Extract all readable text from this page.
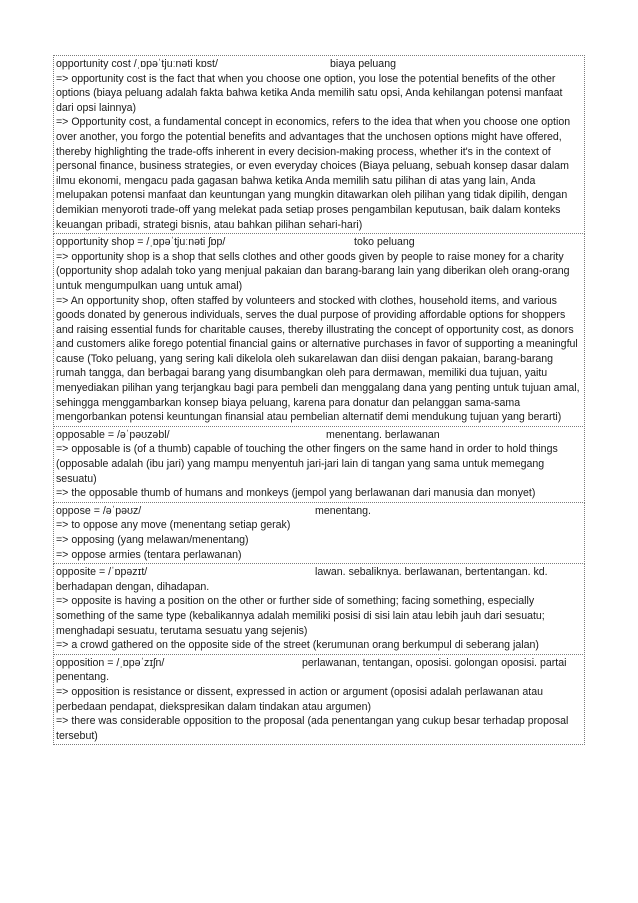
opportunity cost /ˌɒpəˈtjuːnəti kɒst/	biaya peluang

=> opportunity cost is the fact that when you choose one option, you lose the potential benefits of the other options (biaya peluang adalah fakta bahwa ketika Anda memilih satu opsi, Anda kehilangan potensi manfaat dari opsi lainnya)

=> Opportunity cost, a fundamental concept in economics, refers to the idea that when you choose one option over another, you forgo the potential benefits and advantages that the unchosen options might have offered, thereby highlighting the trade-offs inherent in every decision-making process, whether it's in the context of personal finance, business strategies, or even everyday choices (Biaya peluang, sebuah konsep dasar dalam ilmu ekonomi, mengacu pada gagasan bahwa ketika Anda memilih satu pilihan di atas yang lain, Anda melupakan potensi manfaat dan keuntungan yang mungkin ditawarkan oleh pilihan yang tidak dipilih, dengan demikian menyoroti trade-off yang melekat pada setiap proses pengambilan keputusan, baik dalam konteks keuangan pribadi, strategi bisnis, atau bahkan pilihan sehari-hari)

opportunity shop = /ˌɒpəˈtjuːnəti ʃɒp/	toko peluang

=> opportunity shop is a shop that sells clothes and other goods given by people to raise money for a charity (opportunity shop adalah toko yang menjual pakaian dan barang-barang lain yang diberikan oleh orang-orang untuk mengumpulkan uang untuk amal)

=> An opportunity shop, often staffed by volunteers and stocked with clothes, household items, and various goods donated by generous individuals, serves the dual purpose of providing affordable options for shoppers and raising essential funds for charitable causes, thereby illustrating the concept of opportunity cost, as donors and customers alike forego potential financial gains or alternative purchases in favor of supporting a meaningful cause (Toko peluang, yang sering kali dikelola oleh sukarelawan dan diisi dengan pakaian, barang-barang rumah tangga, dan berbagai barang yang disumbangkan oleh para dermawan, memiliki dua tujuan, yaitu menyediakan pilihan yang terjangkau bagi para pembeli dan menggalang dana yang penting untuk tujuan amal, sehingga menggambarkan konsep biaya peluang, karena para donatur dan pelanggan sama-sama mengorbankan potensi keuntungan finansial atau pembelian alternatif demi mendukung tujuan yang berarti)

opposable = /əˈpəʊzəbl/	menentang. berlawanan

=> opposable is (of a thumb) capable of touching the other fingers on the same hand in order to hold things (opposable adalah (ibu jari) yang mampu menyentuh jari-jari lain di tangan yang sama untuk memegang sesuatu)

=> the opposable thumb of humans and monkeys (jempol yang berlawanan dari manusia dan monyet)

oppose = /əˈpəʊz/	menentang.

=> to oppose any move (menentang setiap gerak)

=> opposing (yang melawan/menentang)

=> oppose armies (tentara perlawanan)

opposite = /ˈɒpəzɪt/	lawan. sebaliknya. berlawanan, bertentangan. kd.

berhadapan dengan, dihadapan.

=> opposite is having a position on the other or further side of something; facing something, especially something of the same type (kebalikannya adalah memiliki posisi di sisi lain atau lebih jauh dari sesuatu; menghadapi sesuatu, terutama sesuatu yang sejenis)

=> a crowd gathered on the opposite side of the street (kerumunan orang berkumpul di seberang jalan)

opposition = /ˌɒpəˈzɪʃn/	perlawanan, tentangan, oposisi. golongan oposisi. partai

penentang.

=> opposition is resistance or dissent, expressed in action or argument (oposisi adalah perlawanan atau perbedaan pendapat, diekspresikan dalam tindakan atau argumen)

=> there was considerable opposition to the proposal (ada penentangan yang cukup besar terhadap proposal tersebut)
